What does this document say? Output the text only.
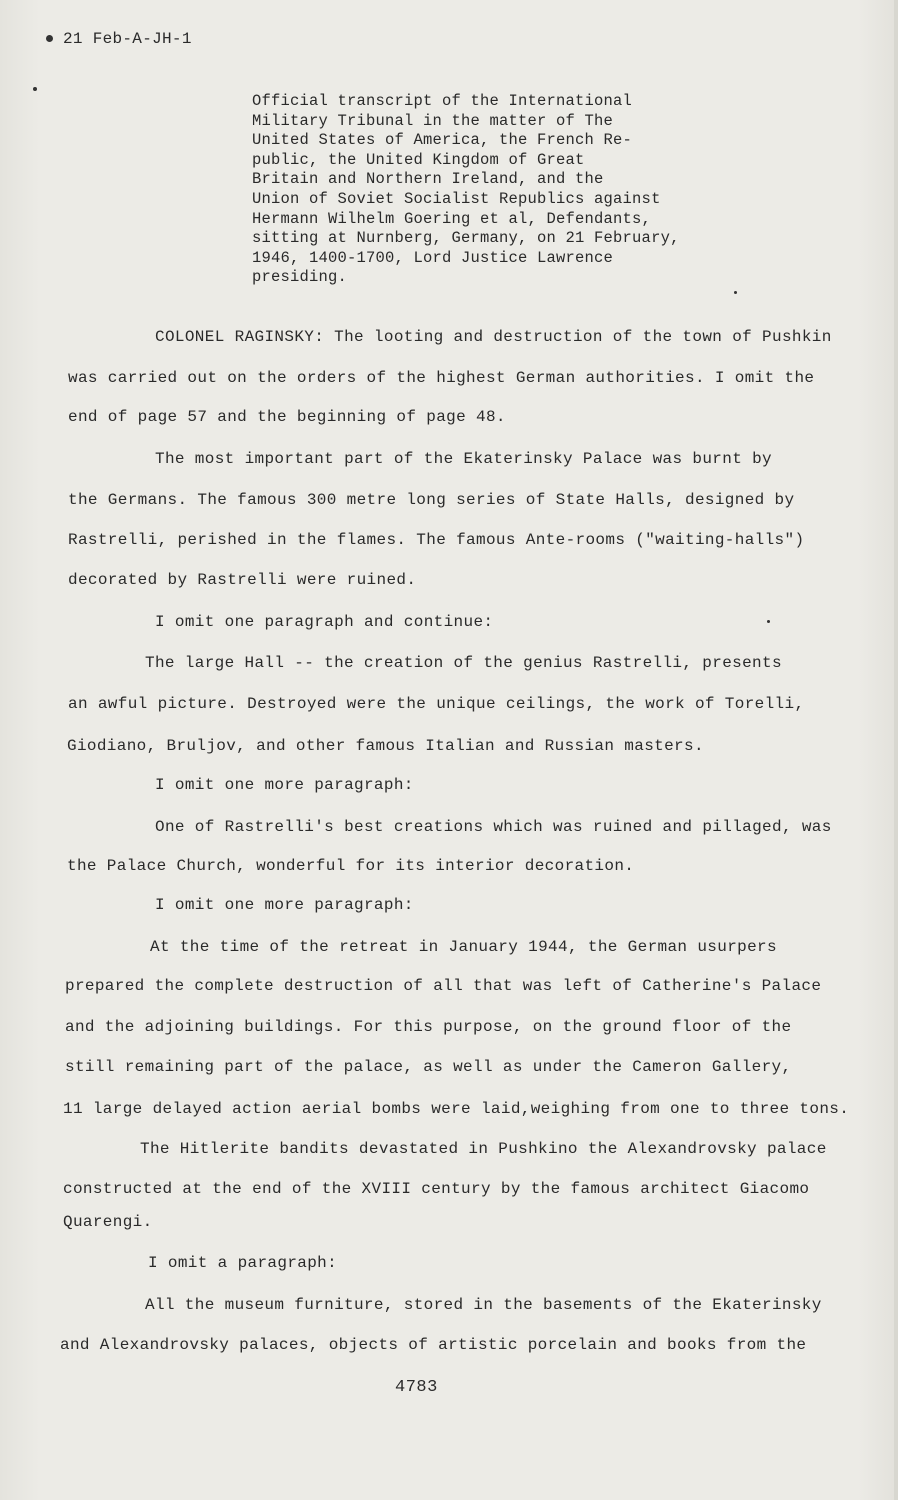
21 Feb-A-JH-1
Official transcript of the International
Military Tribunal in the matter of The
United States of America, the French Re-
public, the United Kingdom of Great
Britain and Northern Ireland, and the
Union of Soviet Socialist Republics against
Hermann Wilhelm Goering et al, Defendants,
sitting at Nurnberg, Germany, on 21 February,
1946, 1400-1700, Lord Justice Lawrence
presiding.
COLONEL RAGINSKY: The looting and destruction of the town of Pushkin
was carried out on the orders of the highest German authorities. I omit the
end of page 57 and the beginning of page 48.
The most important part of the Ekaterinsky Palace was burnt by
the Germans. The famous 300 metre long series of State Halls, designed by
Rastrelli, perished in the flames. The famous Ante-rooms ("waiting-halls")
decorated by Rastrelli were ruined.
I omit one paragraph and continue:
The large Hall -- the creation of the genius Rastrelli, presents
an awful picture. Destroyed were the unique ceilings, the work of Torelli,
Giodiano, Bruljov, and other famous Italian and Russian masters.
I omit one more paragraph:
One of Rastrelli's best creations which was ruined and pillaged, was
the Palace Church, wonderful for its interior decoration.
I omit one more paragraph:
At the time of the retreat in January 1944, the German usurpers
prepared the complete destruction of all that was left of Catherine's Palace
and the adjoining buildings. For this purpose, on the ground floor of the
still remaining part of the palace, as well as under the Cameron Gallery,
11 large delayed action aerial bombs were laid,weighing from one to three tons.
The Hitlerite bandits devastated in Pushkino the Alexandrovsky palace
constructed at the end of the XVIII century by the famous architect Giacomo
Quarengi.
I omit a paragraph:
All the museum furniture, stored in the basements of the Ekaterinsky
and Alexandrovsky palaces, objects of artistic porcelain and books from the
4783
